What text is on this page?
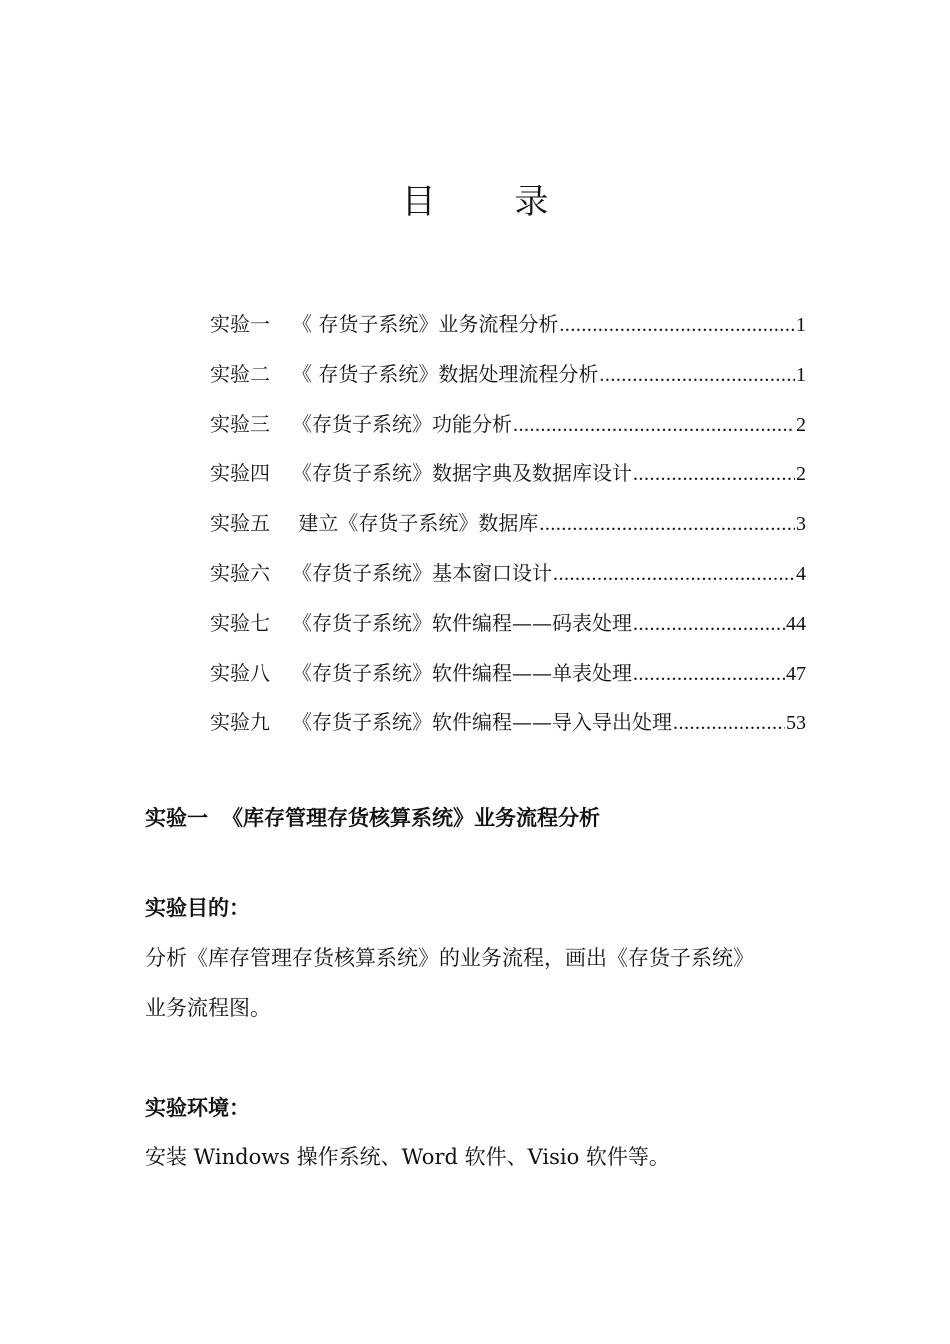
目 录
实验一 《 存货子系统》业务流程分析 .....	1
实验二 《 存货子系统》数据处理流程分析 .....	1
实验三 《存货子系统》功能分析 .....	2
实验四 《存货子系统》数据字典及数据库设计 .....	2
实验五 建立《存货子系统》数据库 .....	3
实验六 《存货子系统》基本窗口设计 .....	4
实验七 《存货子系统》软件编程——码表处理 .....	44
实验八 《存货子系统》软件编程——单表处理 .....	47
实验九 《存货子系统》软件编程——导入导出处理 .....	53
实验一 《库存管理存货核算系统》业务流程分析
实验目的：
分析《库存管理存货核算系统》的业务流程，画出《存货子系统》
业务流程图。
实验环境：
安装 Windows 操作系统、Word 软件、Visio 软件等。
